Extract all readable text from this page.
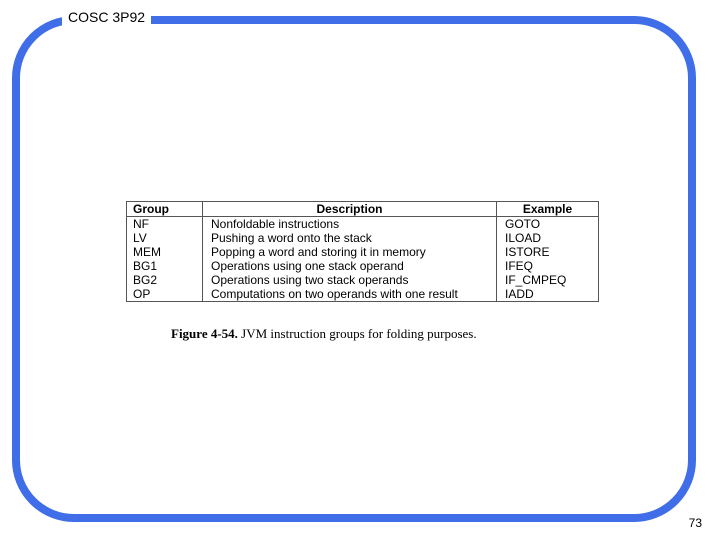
COSC 3P92
Group	Description	Example
NF	Nonfoldable instructions	GOTO
LV	Pushing a word onto the stack	ILOAD
MEM	Popping a word and storing it in memory	ISTORE
BG1	Operations using one stack operand	IFEQ
BG2	Operations using two stack operands	IF_CMPEQ
OP	Computations on two operands with one result	IADD
Figure 4-54. JVM instruction groups for folding purposes.
73
